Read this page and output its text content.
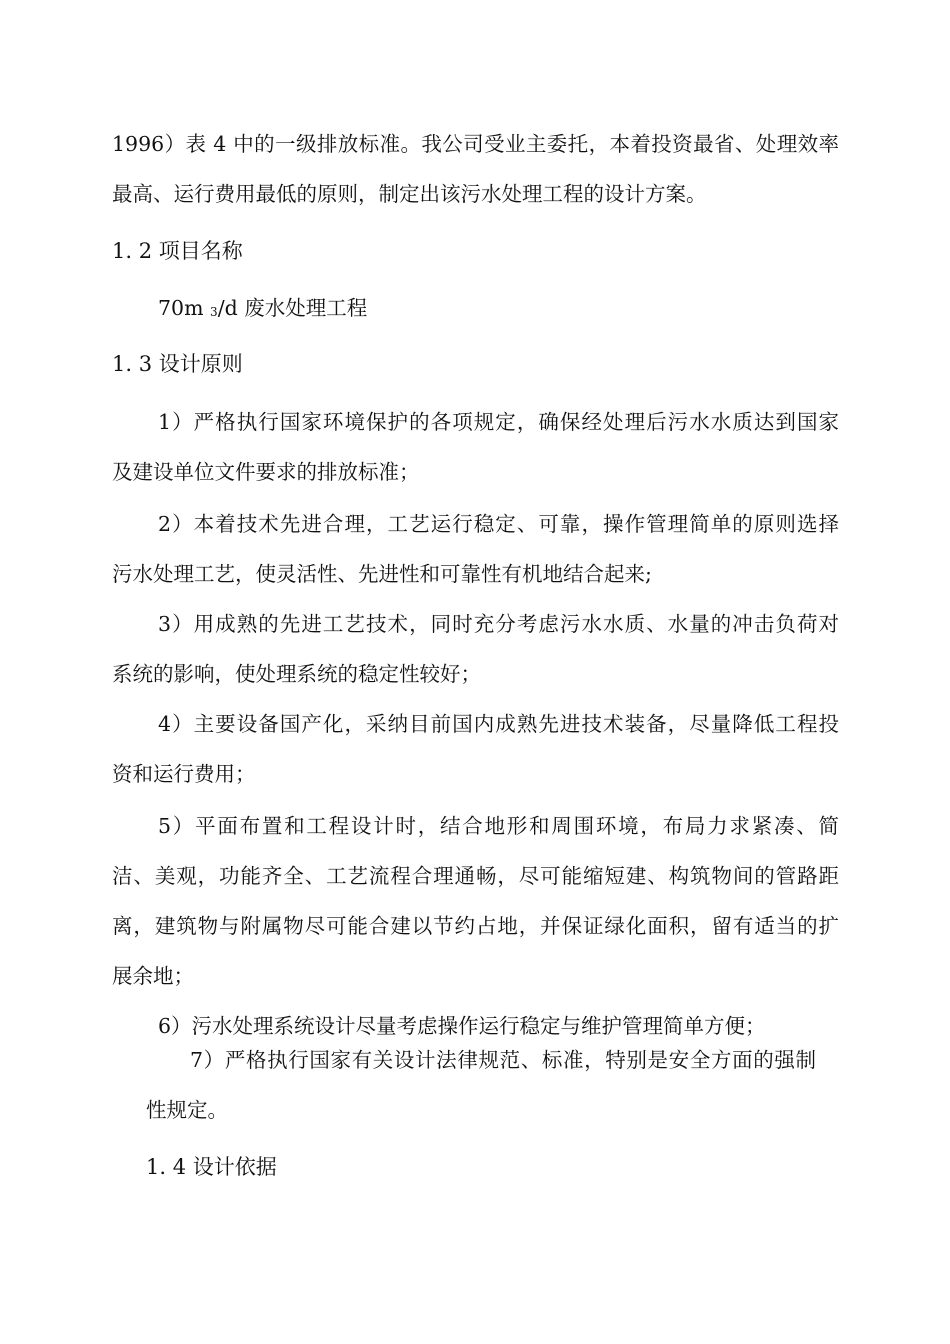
1996）表 4 中的一级排放标准。我公司受业主委托，本着投资最省、处理效率

最高、运行费用最低的原则，制定出该污水处理工程的设计方案。

1. 2 项目名称

70m $_3$/d 废水处理工程

1. 3 设计原则

1）严格执行国家环境保护的各项规定，确保经处理后污水水质达到国家

及建设单位文件要求的排放标准；

2）本着技术先进合理，工艺运行稳定、可靠，操作管理简单的原则选择

污水处理工艺，使灵活性、先进性和可靠性有机地结合起来;

3）用成熟的先进工艺技术，同时充分考虑污水水质、水量的冲击负荷对

系统的影响，使处理系统的稳定性较好；

4）主要设备国产化，采纳目前国内成熟先进技术装备，尽量降低工程投

资和运行费用；

5）平面布置和工程设计时，结合地形和周围环境，布局力求紧凑、简

洁、美观，功能齐全、工艺流程合理通畅，尽可能缩短建、构筑物间的管路距

离，建筑物与附属物尽可能合建以节约占地，并保证绿化面积，留有适当的扩

展余地；

6）污水处理系统设计尽量考虑操作运行稳定与维护管理简单方便；

7）严格执行国家有关设计法律规范、标准，特别是安全方面的强制

性规定。

1. 4 设计依据
